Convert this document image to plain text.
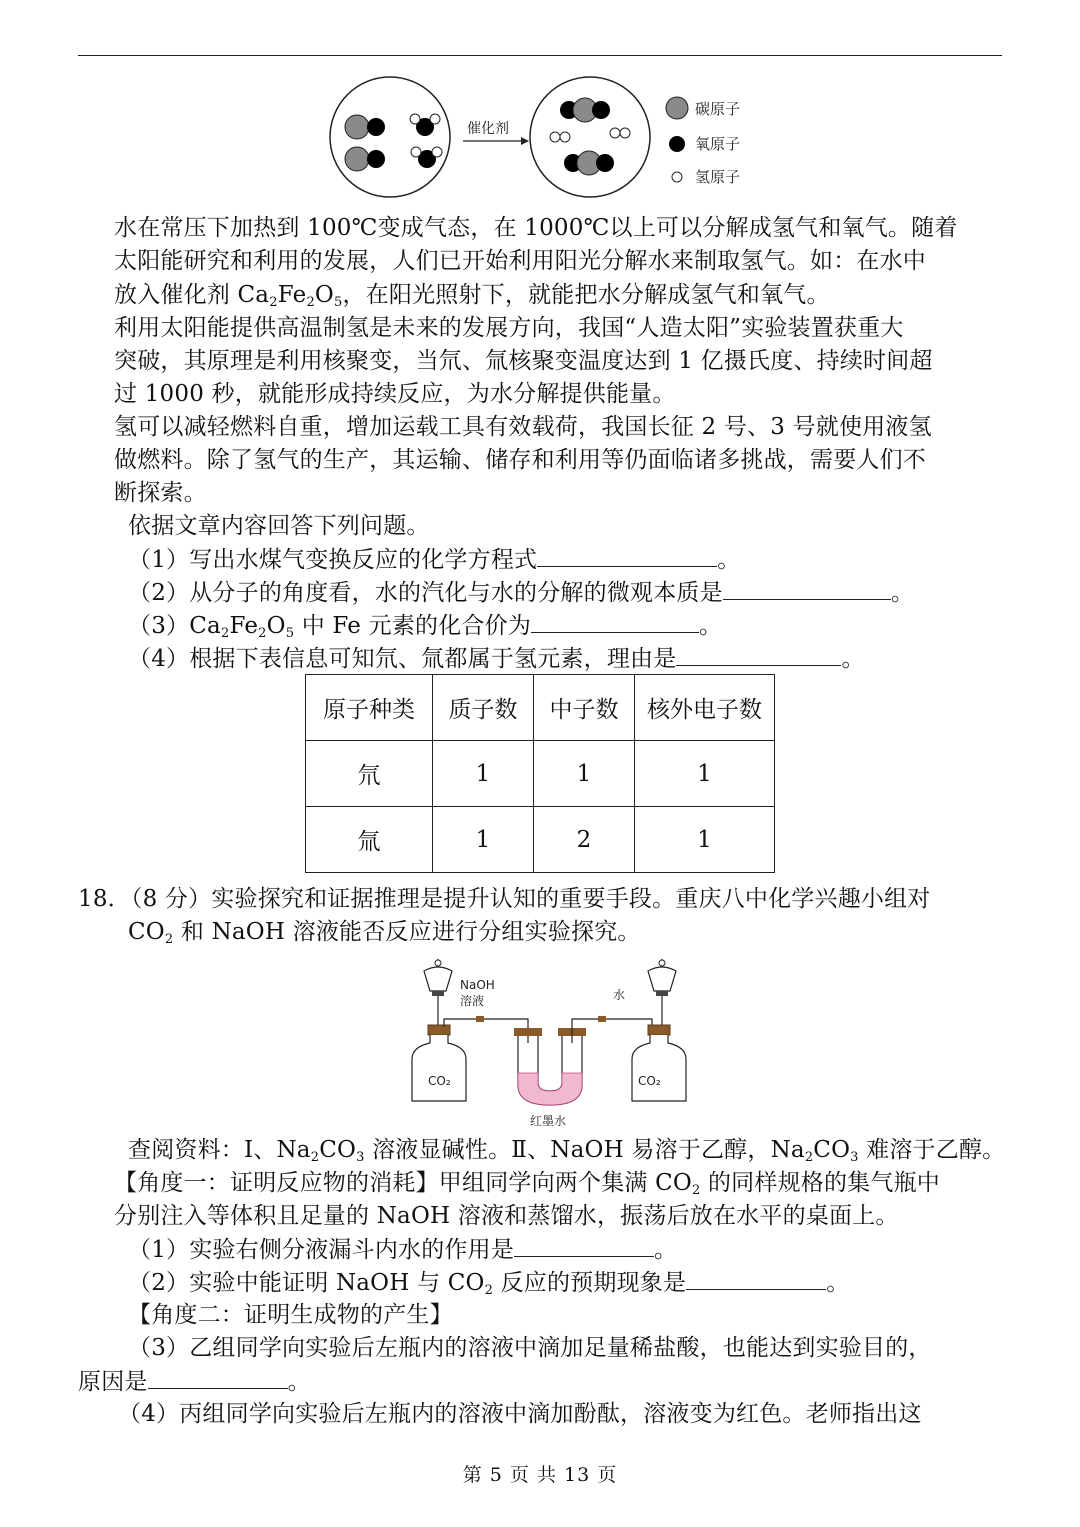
催化剂
碳原子
氧原子
氢原子
水在常压下加热到 100℃变成气态，在 1000℃以上可以分解成氢气和氧气。随着
太阳能研究和利用的发展，人们已开始利用阳光分解水来制取氢气。如：在水中
放入催化剂 $Ca_2Fe_2O_5$，在阳光照射下，就能把水分解成氢气和氧气。
利用太阳能提供高温制氢是未来的发展方向，我国“人造太阳”实验装置获重大
突破，其原理是利用核聚变，当氘、氚核聚变温度达到 1 亿摄氏度、持续时间超
过 1000 秒，就能形成持续反应，为水分解提供能量。
氢可以减轻燃料自重，增加运载工具有效载荷，我国长征 2 号、3 号就使用液氢
做燃料。除了氢气的生产，其运输、储存和利用等仍面临诸多挑战，需要人们不
断探索。
依据文章内容回答下列问题。
（1）写出水煤气变换反应的化学方程式	。
（2）从分子的角度看，水的汽化与水的分解的微观本质是	。
$(3)Ca_2Fe_2O_5$ 中 Fe 元素的化合价为	。
（4）根据下表信息可知氘、氚都属于氢元素，理由是	。
原子种类	质子数	中子数	核外电子数
氘	1	1	1
氚	1	2	1
18．（8 分）实验探究和证据推理是提升认知的重要手段。重庆八中化学兴趣小组对
$CO_2$ 和 NaOH 溶液能否反应进行分组实验探究。
NaOH
溶液
CO₂
红墨水
水
CO₂
查阅资料：Ⅰ、$Na_2CO_3$ 溶液显碱性。Ⅱ、NaOH 易溶于乙醇，$Na_2CO_3$ 难溶于乙醇。
【角度一：证明反应物的消耗】甲组同学向两个集满 $CO_2$ 的同样规格的集气瓶中
分别注入等体积且足量的 NaOH 溶液和蒸馏水，振荡后放在水平的桌面上。
（1）实验右侧分液漏斗内水的作用是	。
（2）实验中能证明 NaOH 与 $CO_2$ 反应的预期现象是	。
【角度二：证明生成物的产生】
（3）乙组同学向实验后左瓶内的溶液中滴加足量稀盐酸，也能达到实验目的，
原因是	。
（4）丙组同学向实验后左瓶内的溶液中滴加酚酞，溶液变为红色。老师指出这
第 5 页 共 13 页
